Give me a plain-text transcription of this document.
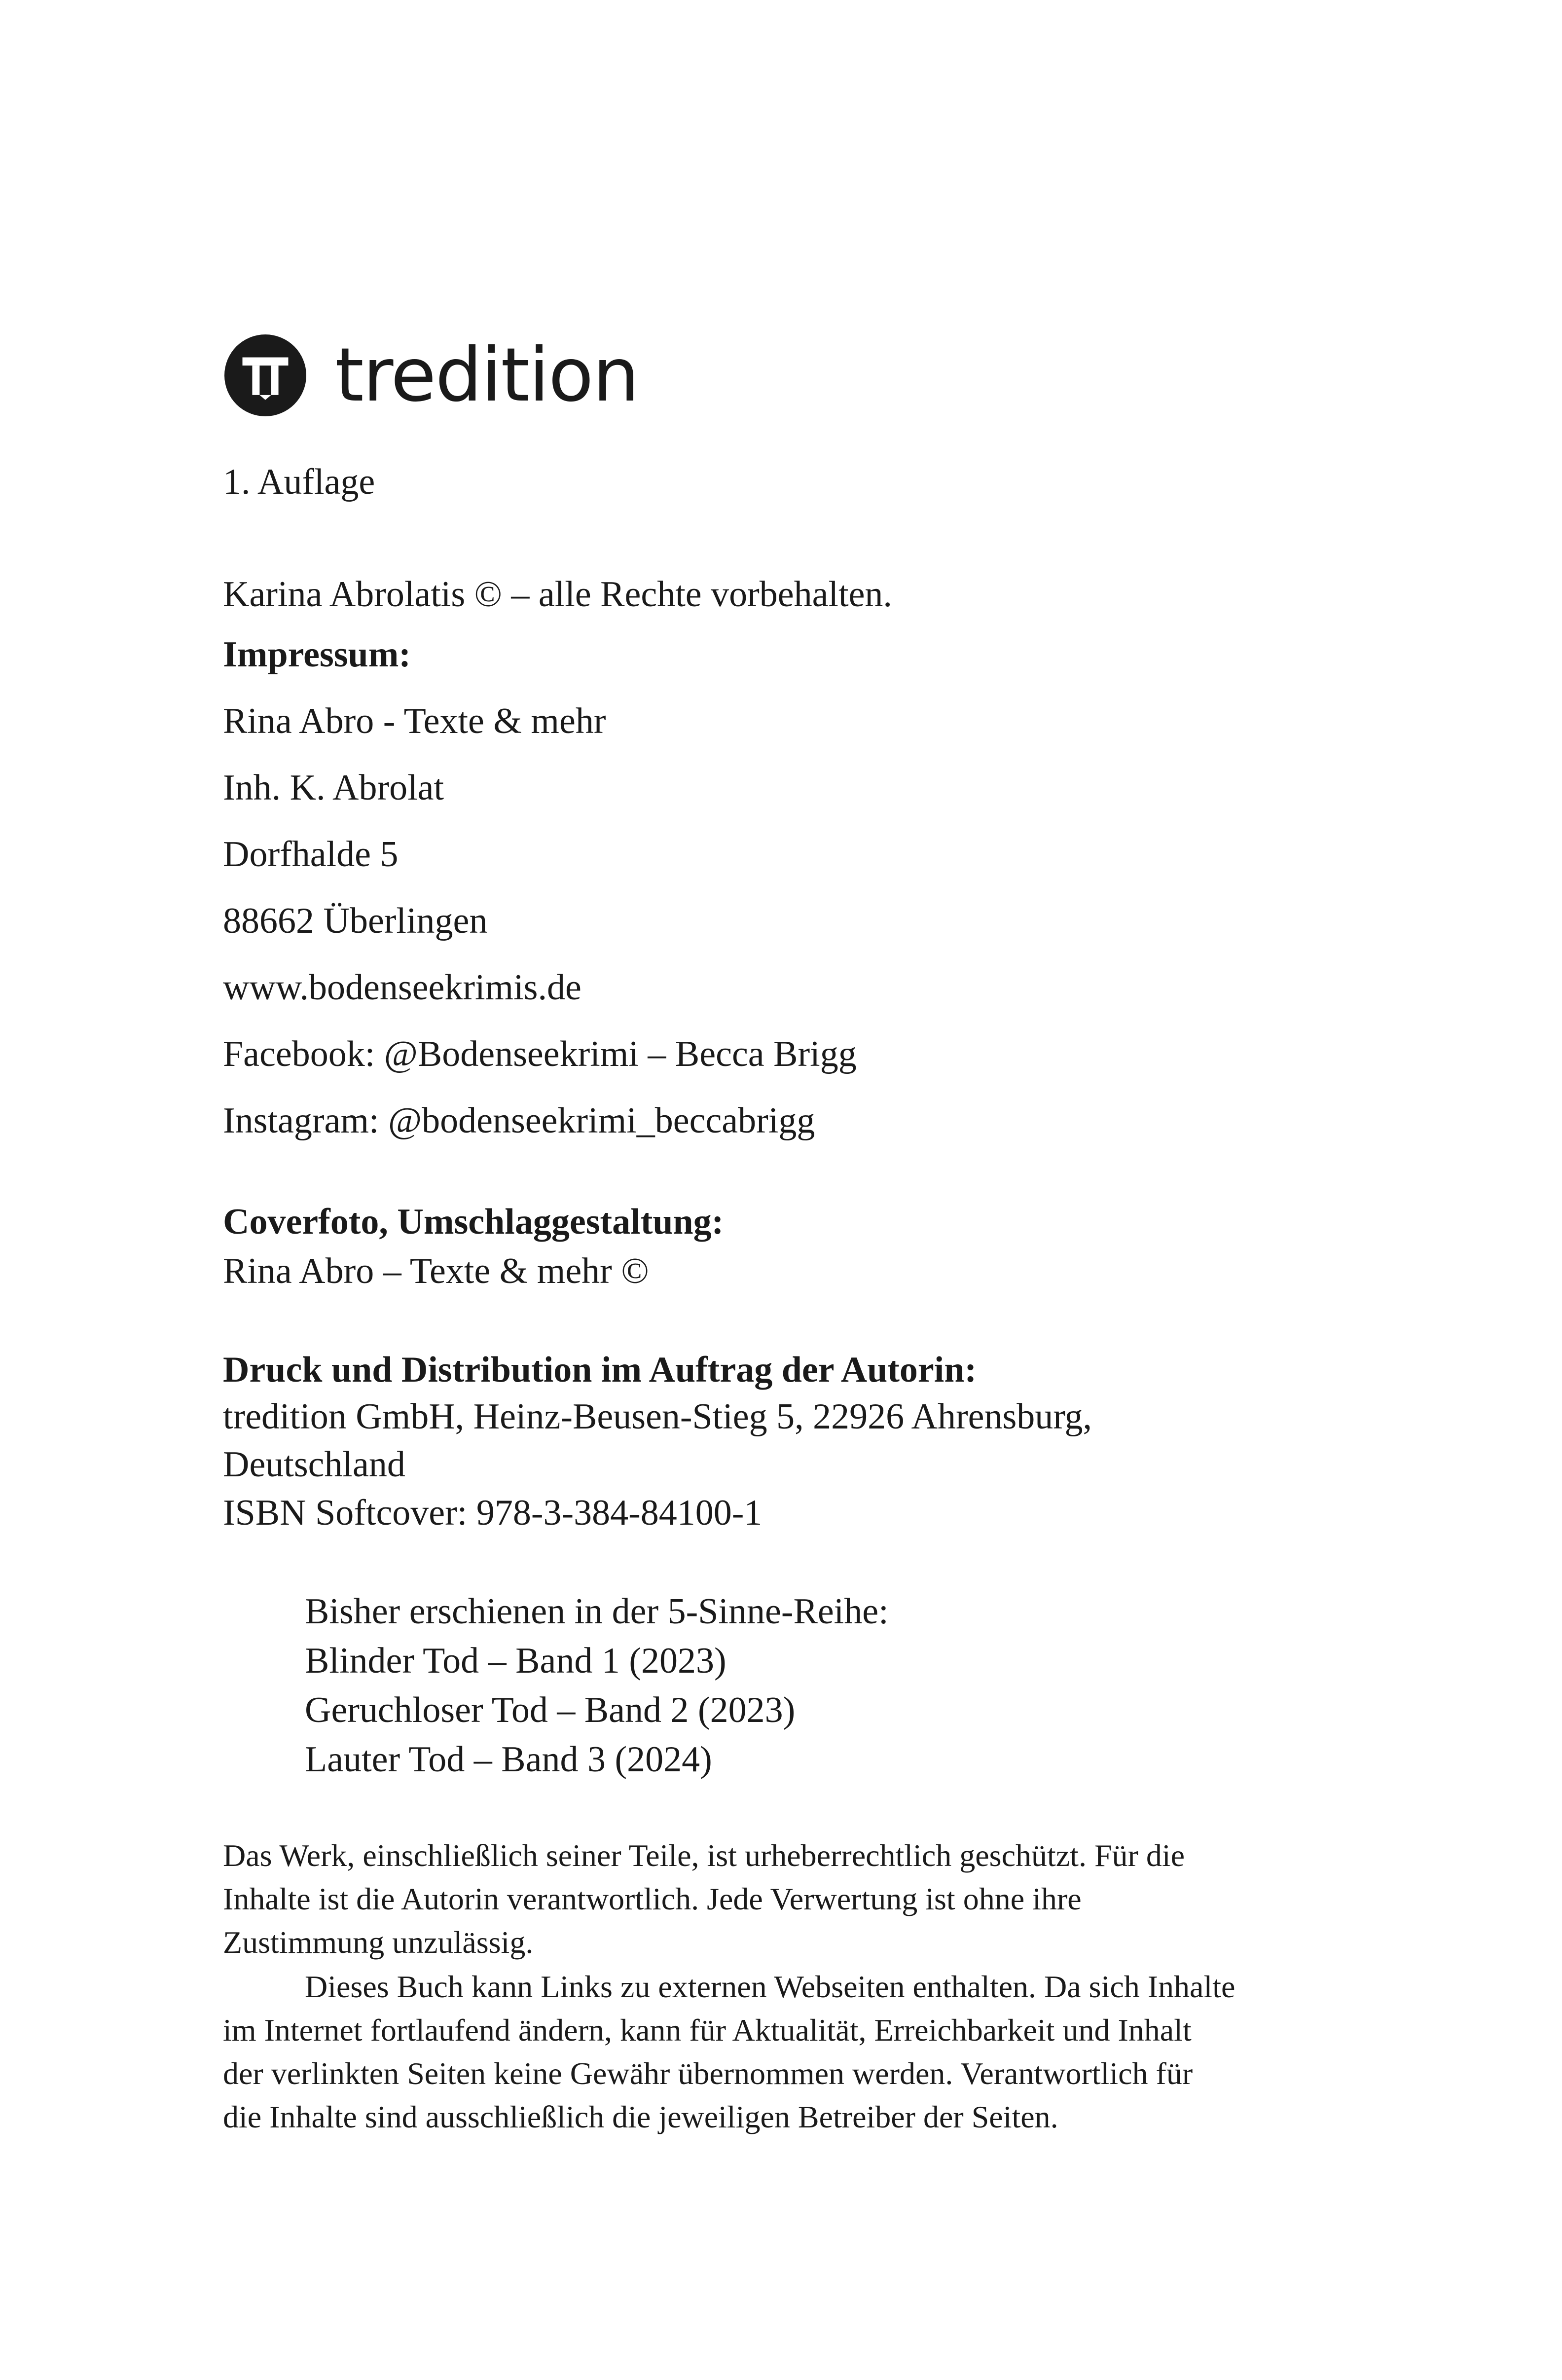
tredition
1. Auflage
Karina Abrolatis © – alle Rechte vorbehalten.
Impressum:
Rina Abro - Texte & mehr
Inh. K. Abrolat
Dorfhalde 5
88662 Überlingen
www.bodenseekrimis.de
Facebook: @Bodenseekrimi – Becca Brigg
Instagram: @bodenseekrimi_beccabrigg
Coverfoto, Umschlaggestaltung:
Rina Abro – Texte & mehr ©
Druck und Distribution im Auftrag der Autorin:
tredition GmbH, Heinz-Beusen-Stieg 5, 22926 Ahrensburg,
Deutschland
ISBN Softcover: 978-3-384-84100-1
Bisher erschienen in der 5-Sinne-Reihe:
Blinder Tod – Band 1 (2023)
Geruchloser Tod – Band 2 (2023)
Lauter Tod – Band 3 (2024)
Das Werk, einschließlich seiner Teile, ist urheberrechtlich geschützt. Für die
Inhalte ist die Autorin verantwortlich. Jede Verwertung ist ohne ihre
Zustimmung unzulässig.
Dieses Buch kann Links zu externen Webseiten enthalten. Da sich Inhalte
im Internet fortlaufend ändern, kann für Aktualität, Erreichbarkeit und Inhalt
der verlinkten Seiten keine Gewähr übernommen werden. Verantwortlich für
die Inhalte sind ausschließlich die jeweiligen Betreiber der Seiten.
